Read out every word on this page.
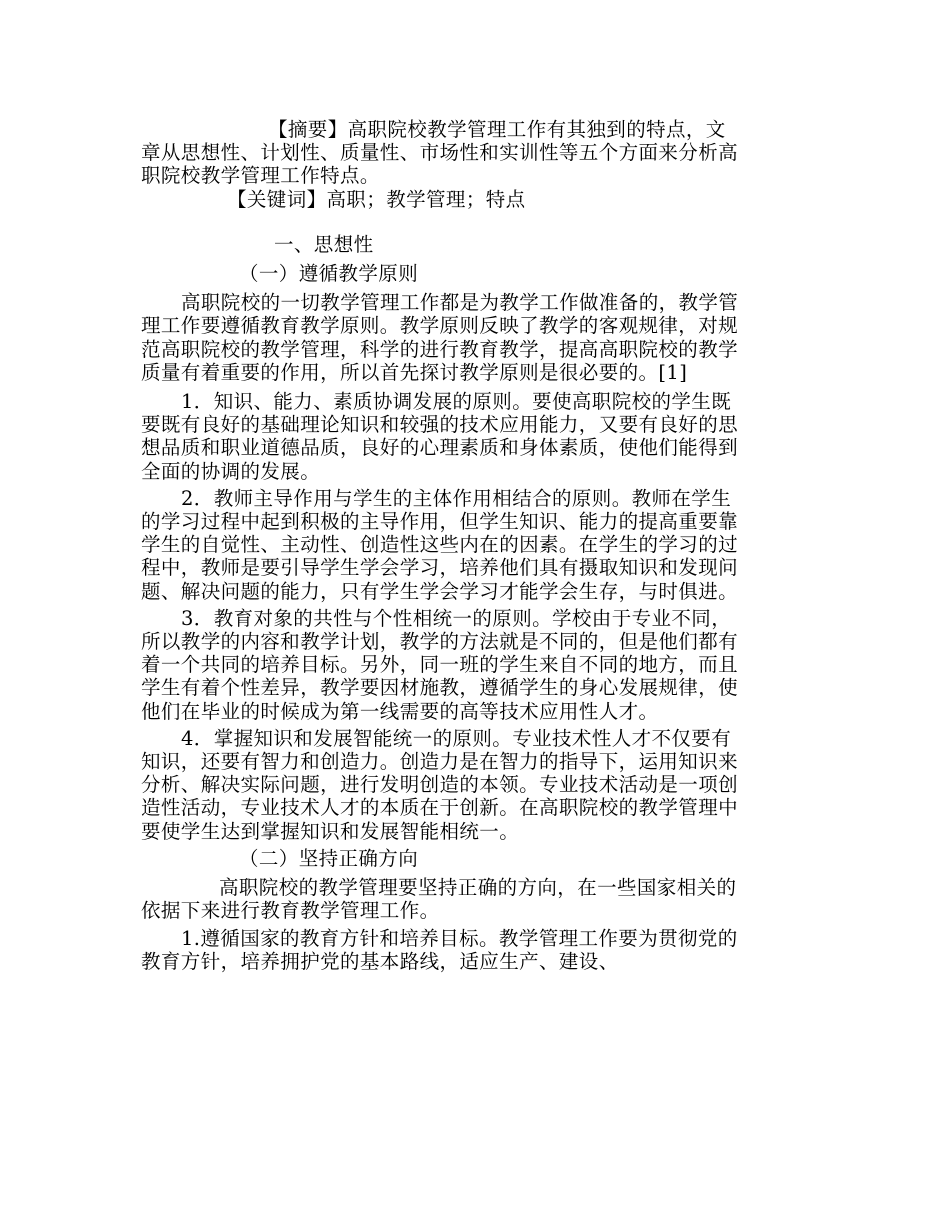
【摘要】高职院校教学管理工作有其独到的特点，文章从思想性、计划性、质量性、市场性和实训性等五个方面来分析高职院校教学管理工作特点。

【关键词】高职；教学管理；特点

一、思想性

（一）遵循教学原则

高职院校的一切教学管理工作都是为教学工作做准备的，教学管理工作要遵循教育教学原则。教学原则反映了教学的客观规律，对规范高职院校的教学管理，科学的进行教育教学，提高高职院校的教学质量有着重要的作用，所以首先探讨教学原则是很必要的。[1]

1．知识、能力、素质协调发展的原则。要使高职院校的学生既要既有良好的基础理论知识和较强的技术应用能力，又要有良好的思想品质和职业道德品质，良好的心理素质和身体素质，使他们能得到全面的协调的发展。

2．教师主导作用与学生的主体作用相结合的原则。教师在学生的学习过程中起到积极的主导作用，但学生知识、能力的提高重要靠学生的自觉性、主动性、创造性这些内在的因素。在学生的学习的过程中，教师是要引导学生学会学习，培养他们具有摄取知识和发现问题、解决问题的能力，只有学生学会学习才能学会生存，与时俱进。

3．教育对象的共性与个性相统一的原则。学校由于专业不同，所以教学的内容和教学计划，教学的方法就是不同的，但是他们都有着一个共同的培养目标。另外，同一班的学生来自不同的地方，而且学生有着个性差异，教学要因材施教，遵循学生的身心发展规律，使他们在毕业的时候成为第一线需要的高等技术应用性人才。

4．掌握知识和发展智能统一的原则。专业技术性人才不仅要有知识，还要有智力和创造力。创造力是在智力的指导下，运用知识来分析、解决实际问题，进行发明创造的本领。专业技术活动是一项创造性活动，专业技术人才的本质在于创新。在高职院校的教学管理中要使学生达到掌握知识和发展智能相统一。

（二）坚持正确方向

高职院校的教学管理要坚持正确的方向，在一些国家相关的依据下来进行教育教学管理工作。

1.遵循国家的教育方针和培养目标。教学管理工作要为贯彻党的教育方针，培养拥护党的基本路线，适应生产、建设、
